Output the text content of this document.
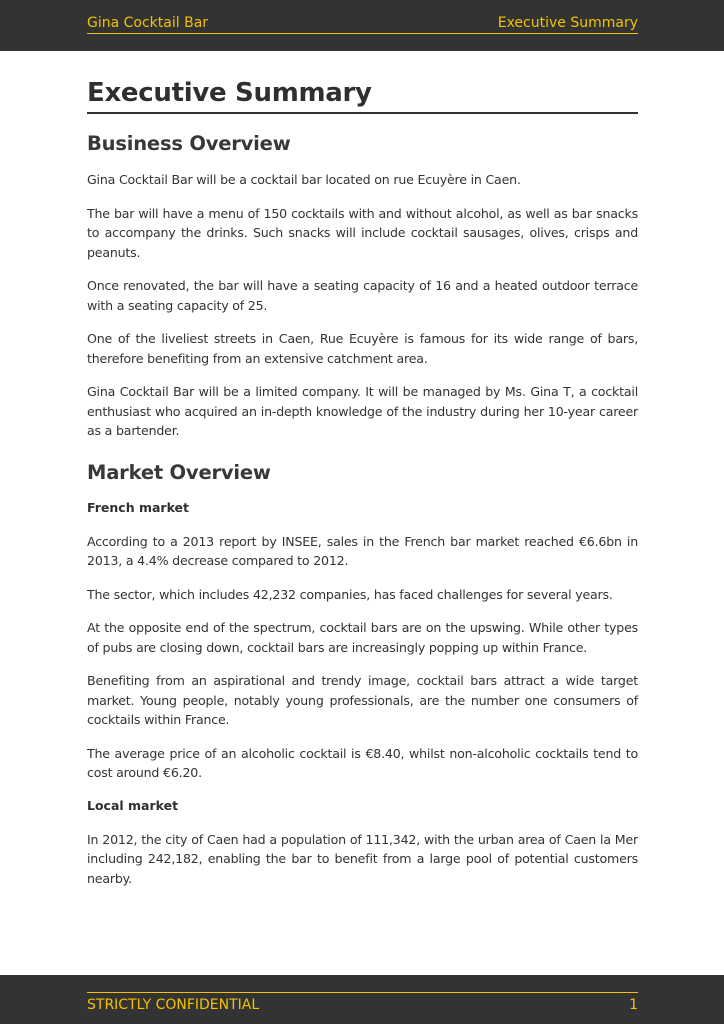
Gina Cocktail Bar	Executive Summary
Executive Summary
Business Overview

Gina Cocktail Bar will be a cocktail bar located on rue Ecuyère in Caen.

The bar will have a menu of 150 cocktails with and without alcohol, as well as bar snacks to accompany the drinks. Such snacks will include cocktail sausages, olives, crisps and peanuts.

Once renovated, the bar will have a seating capacity of 16 and a heated outdoor terrace with a seating capacity of 25.

One of the liveliest streets in Caen, Rue Ecuyère is famous for its wide range of bars, therefore benefiting from an extensive catchment area.

Gina Cocktail Bar will be a limited company. It will be managed by Ms. Gina T, a cocktail enthusiast who acquired an in-depth knowledge of the industry during her 10-year career as a bartender.

Market Overview
French market

According to a 2013 report by INSEE, sales in the French bar market reached €6.6bn in 2013, a 4.4% decrease compared to 2012.

The sector, which includes 42,232 companies, has faced challenges for several years.

At the opposite end of the spectrum, cocktail bars are on the upswing. While other types of pubs are closing down, cocktail bars are increasingly popping up within France.

Benefiting from an aspirational and trendy image, cocktail bars attract a wide target market. Young people, notably young professionals, are the number one consumers of cocktails within France.

The average price of an alcoholic cocktail is €8.40, whilst non-alcoholic cocktails tend to cost around €6.20.

Local market

In 2012, the city of Caen had a population of 111,342, with the urban area of Caen la Mer including 242,182, enabling the bar to benefit from a large pool of potential customers nearby.

STRICTLY CONFIDENTIAL	1
